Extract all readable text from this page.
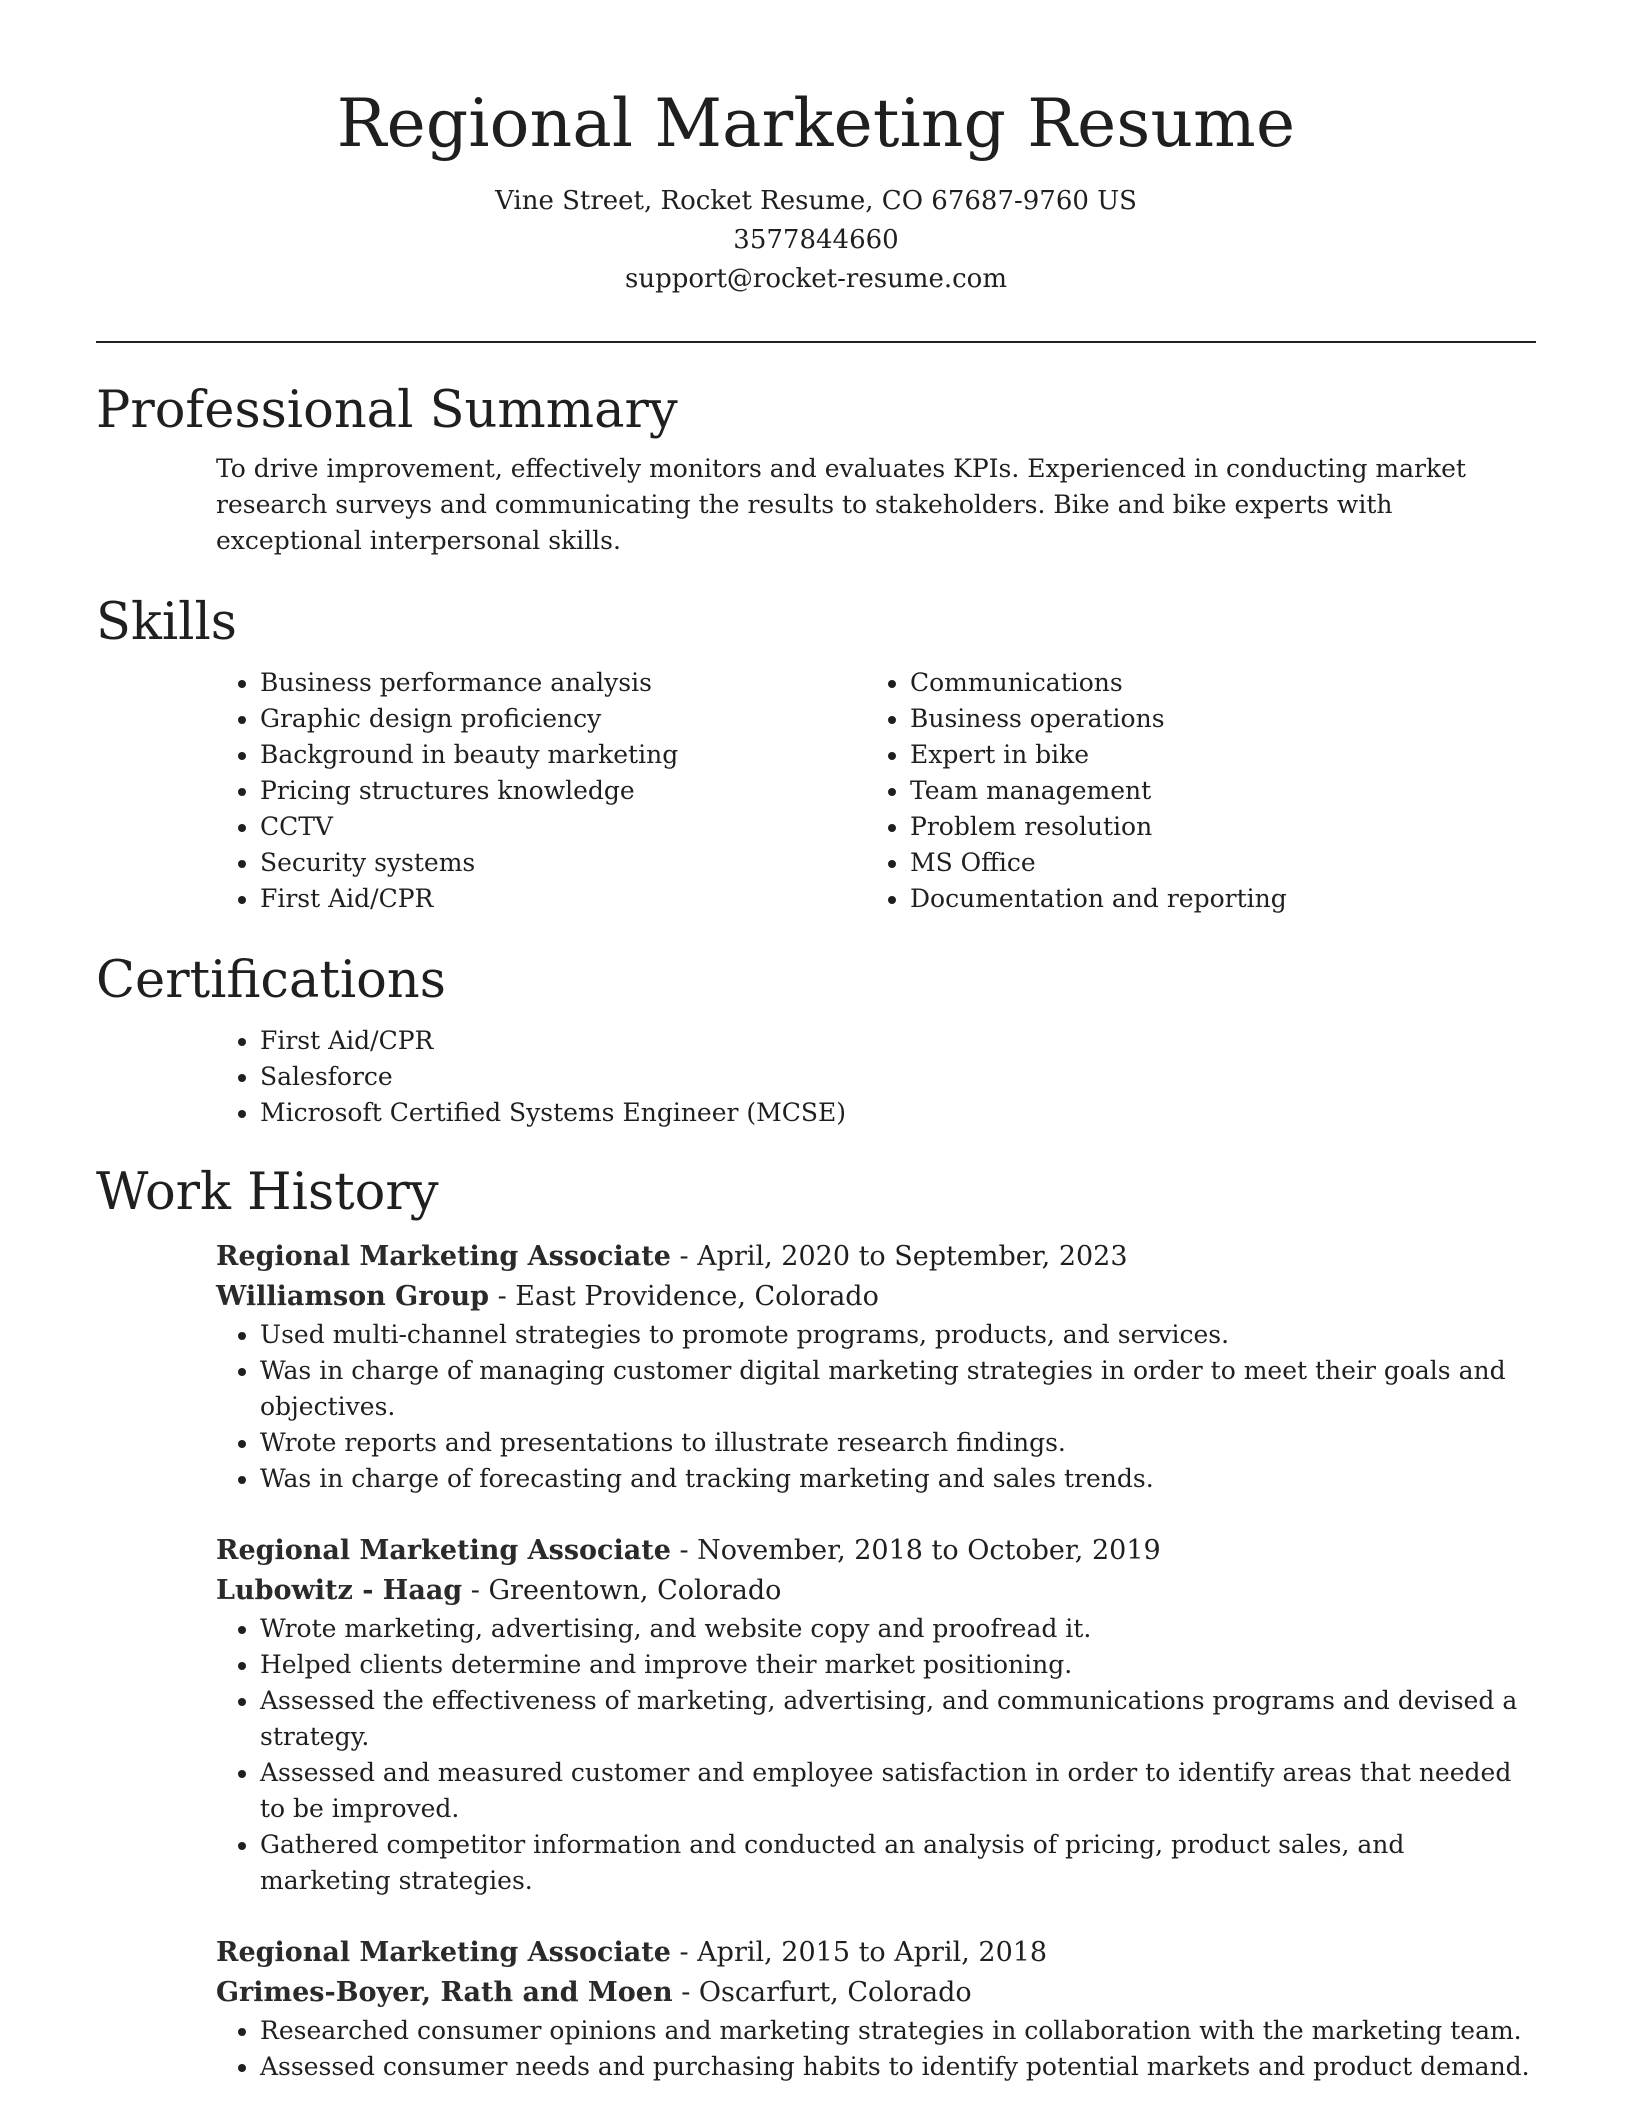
Regional Marketing Resume

Vine Street, Rocket Resume, CO 67687-9760 US

3577844660

support@rocket-resume.com

Professional Summary

To drive improvement, effectively monitors and evaluates KPIs. Experienced in conducting market research surveys and communicating the results to stakeholders. Bike and bike experts with exceptional interpersonal skills.

Skills
• Business performance analysis
• Graphic design proficiency
• Background in beauty marketing
• Pricing structures knowledge
• CCTV
• Security systems
• First Aid/CPR
• Communications
• Business operations
• Expert in bike
• Team management
• Problem resolution
• MS Office
• Documentation and reporting
Certifications
• First Aid/CPR
• Salesforce
• Microsoft Certified Systems Engineer (MCSE)
Work History

Regional Marketing Associate - April, 2020 to September, 2023

Williamson Group - East Providence, Colorado

• Used multi-channel strategies to promote programs, products, and services.
• Was in charge of managing customer digital marketing strategies in order to meet their goals and objectives.
• Wrote reports and presentations to illustrate research findings.
• Was in charge of forecasting and tracking marketing and sales trends.

Regional Marketing Associate - November, 2018 to October, 2019

Lubowitz - Haag - Greentown, Colorado

• Wrote marketing, advertising, and website copy and proofread it.
• Helped clients determine and improve their market positioning.
• Assessed the effectiveness of marketing, advertising, and communications programs and devised a strategy.
• Assessed and measured customer and employee satisfaction in order to identify areas that needed to be improved.
• Gathered competitor information and conducted an analysis of pricing, product sales, and marketing strategies.

Regional Marketing Associate - April, 2015 to April, 2018

Grimes-Boyer, Rath and Moen - Oscarfurt, Colorado

• Researched consumer opinions and marketing strategies in collaboration with the marketing team.
• Assessed consumer needs and purchasing habits to identify potential markets and product demand.
